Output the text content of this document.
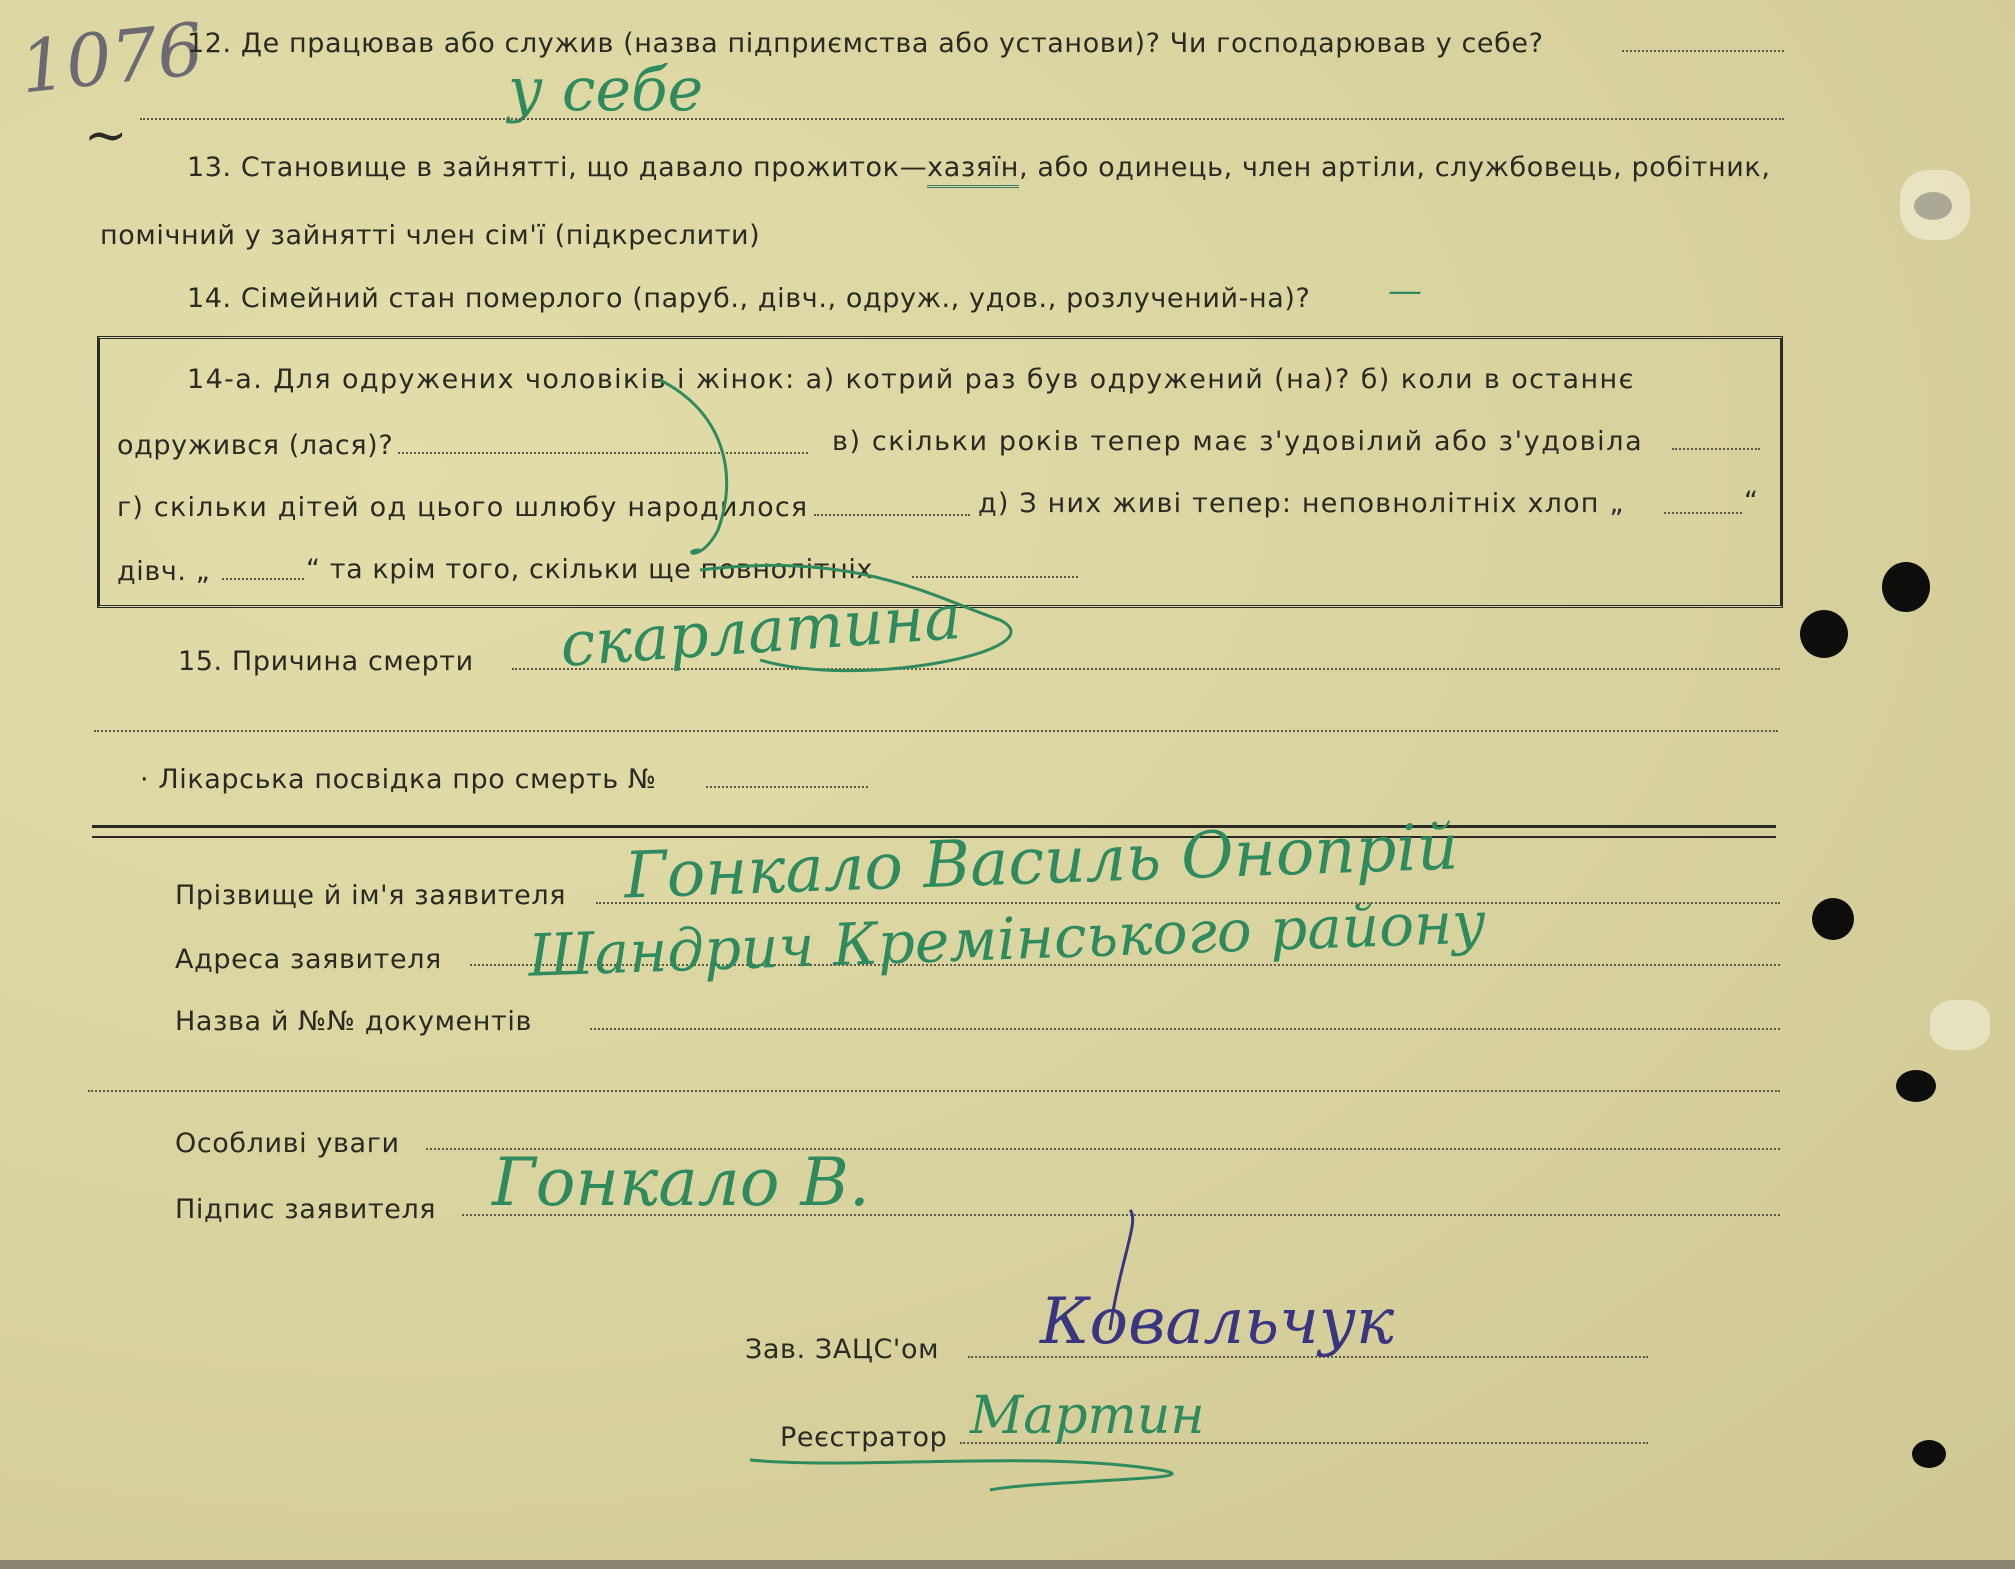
1076
~
12. Де працював або служив (назва підприємства або установи)? Чи господарював у себе?
у себе
13. Становище в зайнятті, що давало прожиток—хазяїн, або одинець, член артіли, службовець, робітник,
помічний у зайнятті член сім'ї (підкреслити)
14. Сімейний стан померлого (паруб., дівч., одруж., удов., розлучений-на)? —
14-а. Для одружених чоловіків і жінок: а) котрий раз був одружений (на)? б) коли в останнє
одружився (лася)?	в) скільки років тепер має з'удовілий або з'удовіла
г) скільки дітей од цього шлюбу народилося	д) З них живі тепер: неповнолітніх хлоп „	“
дівч. „	“ та крім того, скільки ще повнолітніх
15. Причина смерти скарлатина
· Лікарська посвідка про смерть №
Прізвище й ім'я заявителя Гонкало Василь Онопрій
Адреса заявителя Шандрич Кремінського району
Назва й №№ документів
Особливі уваги
Підпис заявителя Гонкало В.
Зав. ЗАЦС'ом Ковальчук
Реєстратор Мартин
